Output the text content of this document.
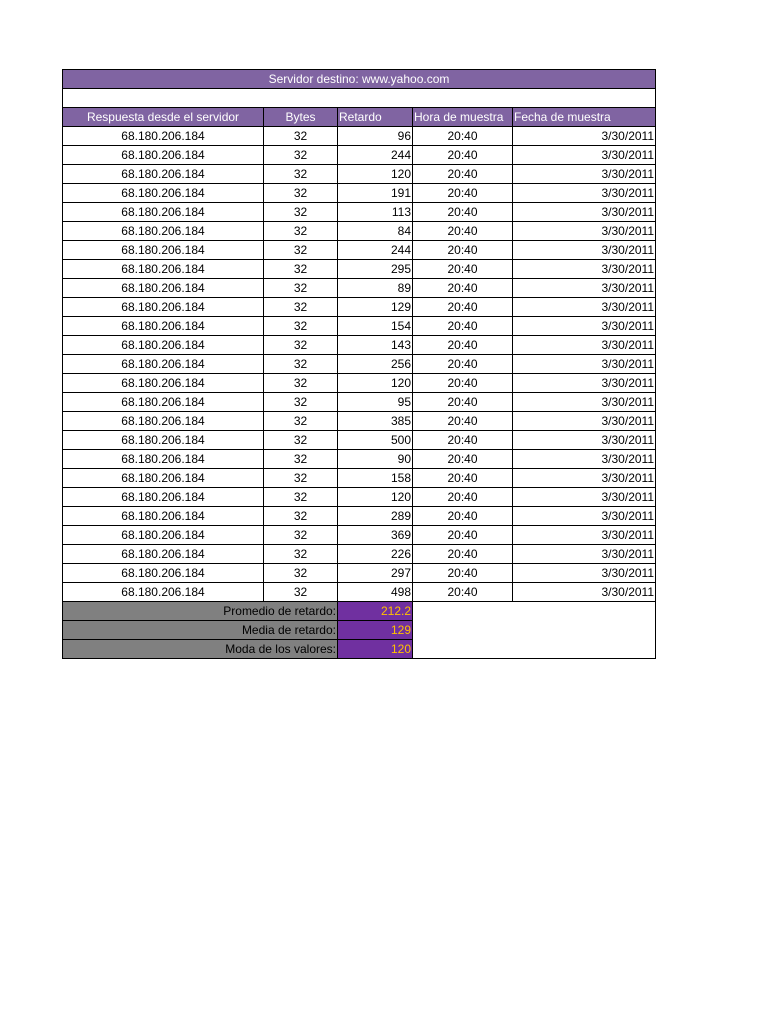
Servidor destino: www.yahoo.com				

Respuesta desde el servidor	Bytes	Retardo	Hora de muestra	Fecha de muestra
68.180.206.184	32	96	20:40	3/30/2011
68.180.206.184	32	244	20:40	3/30/2011
68.180.206.184	32	120	20:40	3/30/2011
68.180.206.184	32	191	20:40	3/30/2011
68.180.206.184	32	113	20:40	3/30/2011
68.180.206.184	32	84	20:40	3/30/2011
68.180.206.184	32	244	20:40	3/30/2011
68.180.206.184	32	295	20:40	3/30/2011
68.180.206.184	32	89	20:40	3/30/2011
68.180.206.184	32	129	20:40	3/30/2011
68.180.206.184	32	154	20:40	3/30/2011
68.180.206.184	32	143	20:40	3/30/2011
68.180.206.184	32	256	20:40	3/30/2011
68.180.206.184	32	120	20:40	3/30/2011
68.180.206.184	32	95	20:40	3/30/2011
68.180.206.184	32	385	20:40	3/30/2011
68.180.206.184	32	500	20:40	3/30/2011
68.180.206.184	32	90	20:40	3/30/2011
68.180.206.184	32	158	20:40	3/30/2011
68.180.206.184	32	120	20:40	3/30/2011
68.180.206.184	32	289	20:40	3/30/2011
68.180.206.184	32	369	20:40	3/30/2011
68.180.206.184	32	226	20:40	3/30/2011
68.180.206.184	32	297	20:40	3/30/2011
68.180.206.184	32	498	20:40	3/30/2011
Promedio de retardo:		212.2		
Media de retardo:		129		
Moda de los valores:		120		
